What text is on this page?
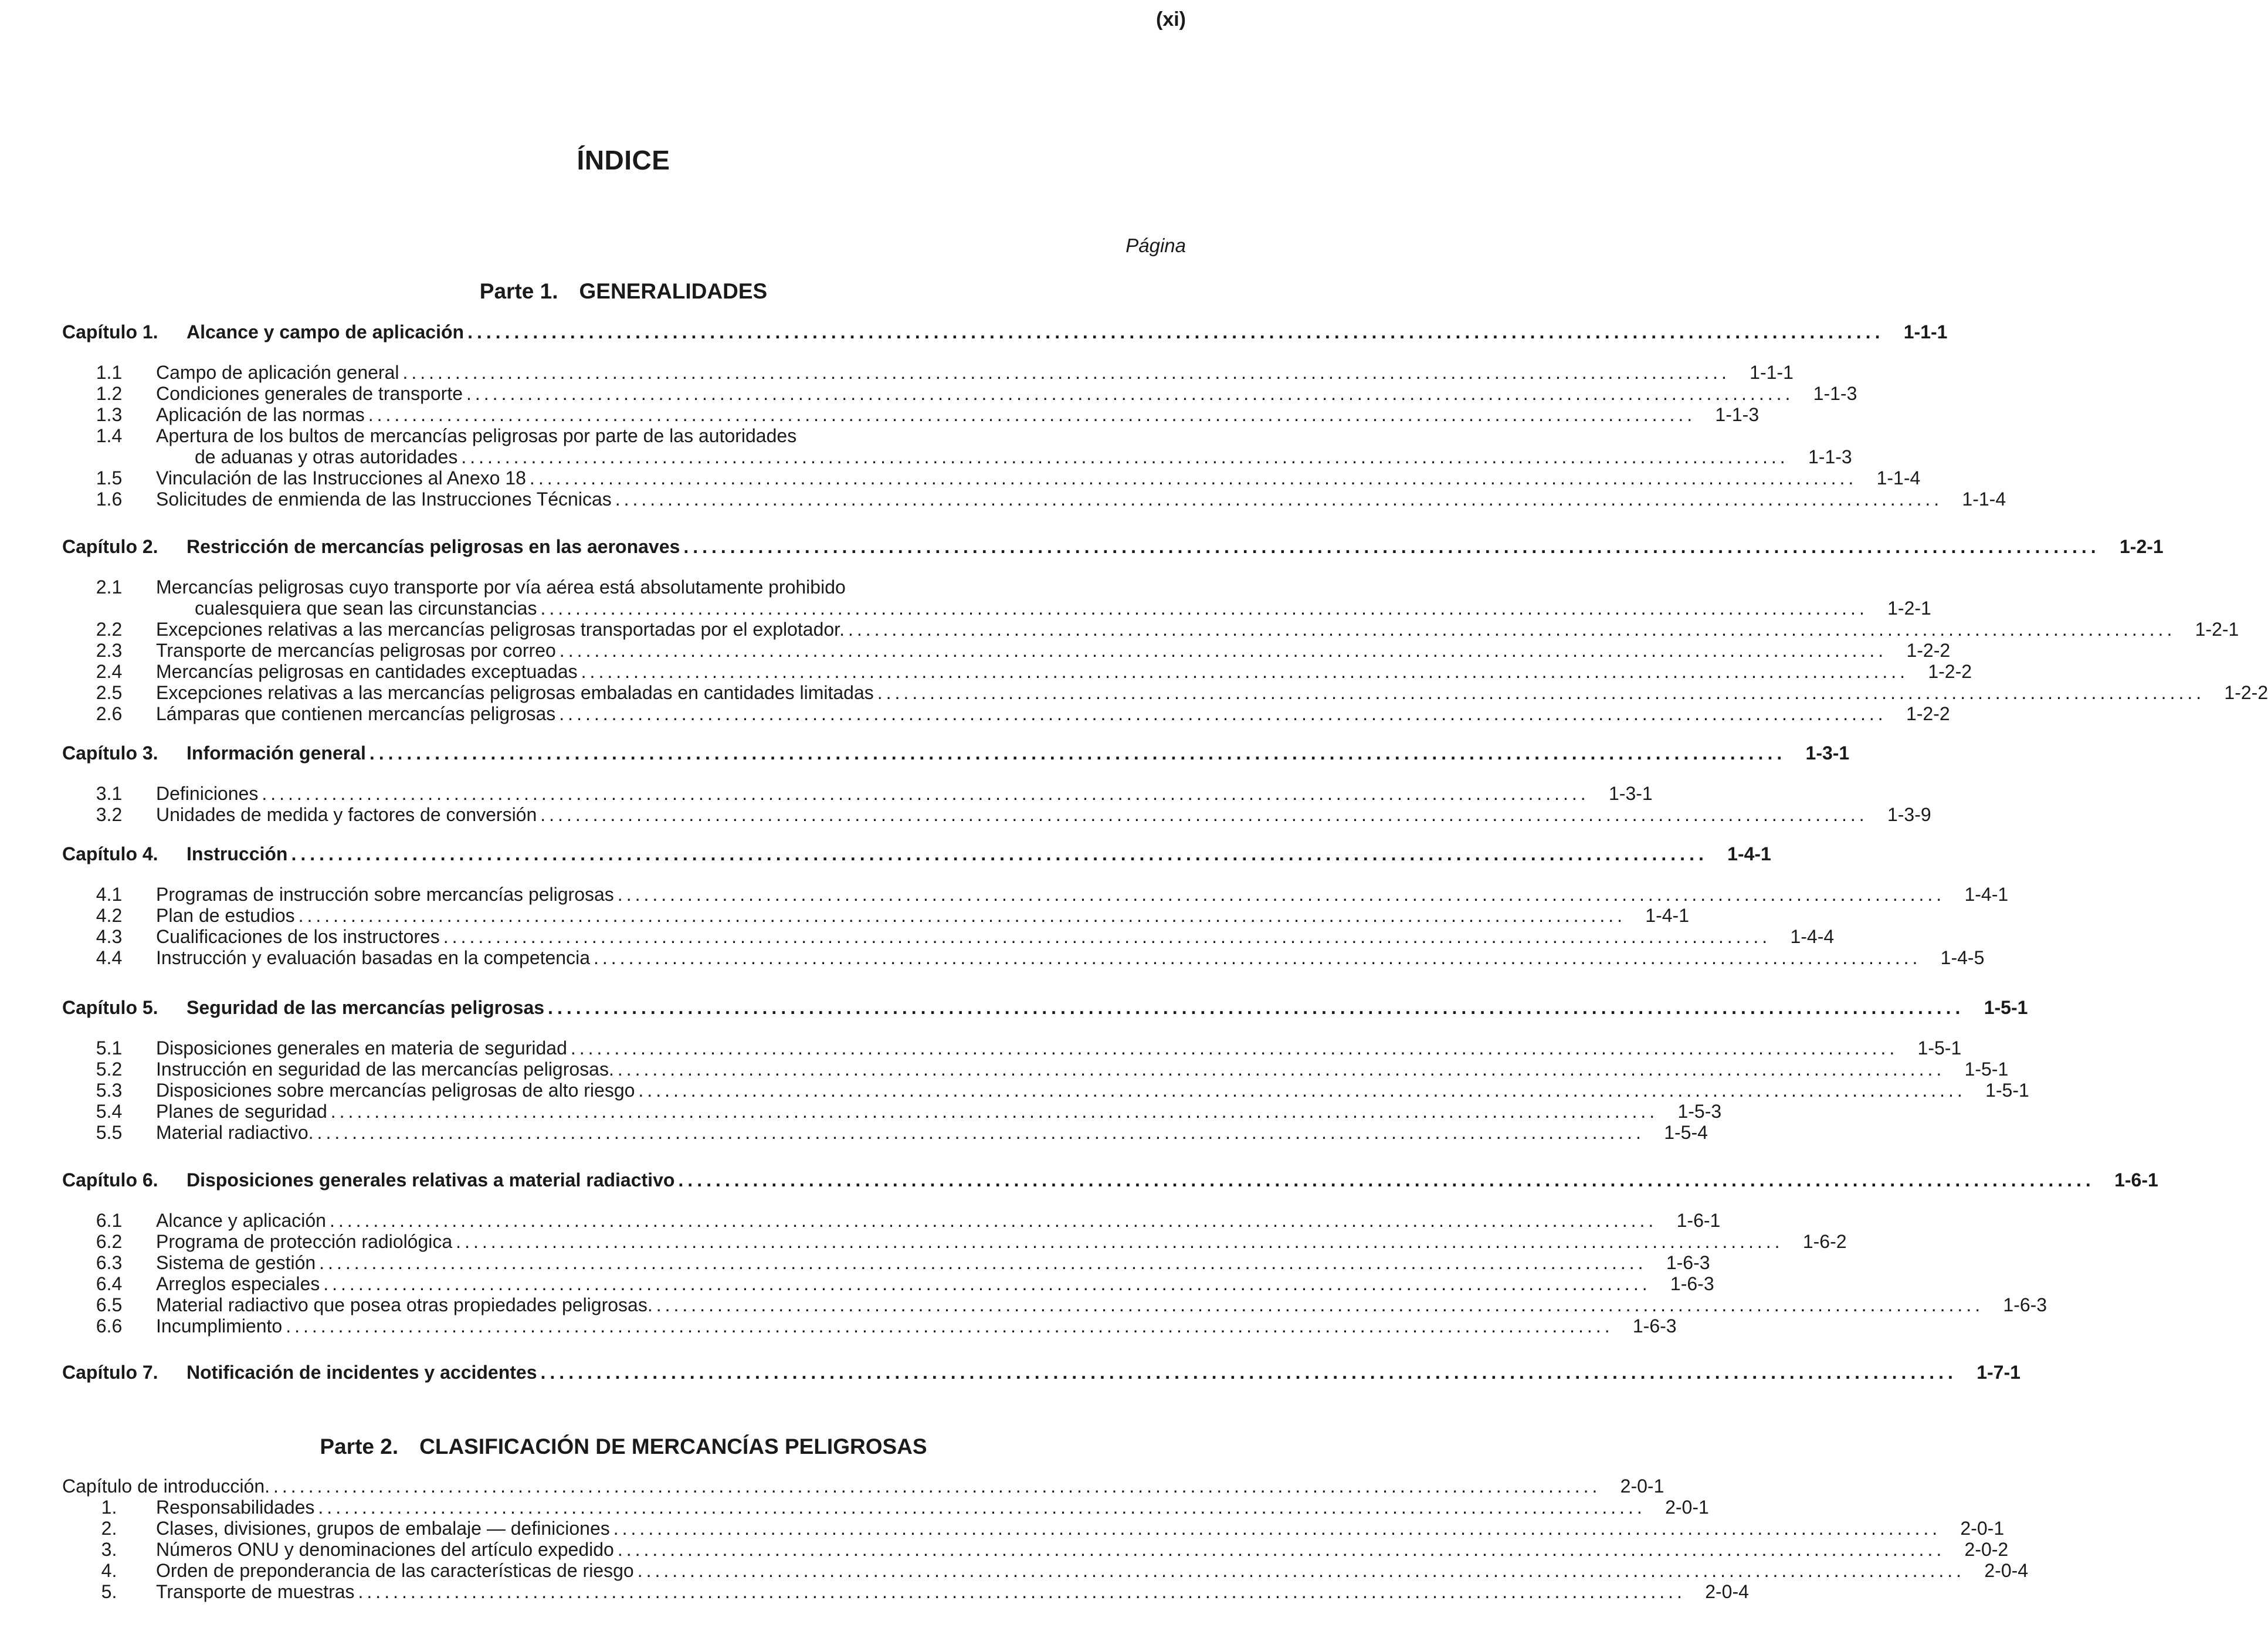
(xi)
ÍNDICE
Página
Parte 1. GENERALIDADES
Capítulo 1.	Alcance y campo de aplicación ........................................................................................................................................................	1-1-1
1.1	Campo de aplicación general ........................................................................................................................................................	1-1-1
1.2	Condiciones generales de transporte ........................................................................................................................................................	1-1-3
1.3	Aplicación de las normas ........................................................................................................................................................	1-1-3
1.4	Apertura de los bultos de mercancías peligrosas por parte de las autoridades
de aduanas y otras autoridades ........................................................................................................................................................	1-1-3
1.5	Vinculación de las Instrucciones al Anexo 18 ........................................................................................................................................................	1-1-4
1.6	Solicitudes de enmienda de las Instrucciones Técnicas ........................................................................................................................................................	1-1-4
Capítulo 2.	Restricción de mercancías peligrosas en las aeronaves ........................................................................................................................................................	1-2-1
2.1	Mercancías peligrosas cuyo transporte por vía aérea está absolutamente prohibido
cualesquiera que sean las circunstancias ........................................................................................................................................................	1-2-1
2.2	Excepciones relativas a las mercancías peligrosas transportadas por el explotador. ........................................................................................................................................................	1-2-1
2.3	Transporte de mercancías peligrosas por correo ........................................................................................................................................................	1-2-2
2.4	Mercancías peligrosas en cantidades exceptuadas ........................................................................................................................................................	1-2-2
2.5	Excepciones relativas a las mercancías peligrosas embaladas en cantidades limitadas ........................................................................................................................................................	1-2-2
2.6	Lámparas que contienen mercancías peligrosas ........................................................................................................................................................	1-2-2
Capítulo 3.	Información general ........................................................................................................................................................	1-3-1
3.1	Definiciones ........................................................................................................................................................	1-3-1
3.2	Unidades de medida y factores de conversión ........................................................................................................................................................	1-3-9
Capítulo 4.	Instrucción ........................................................................................................................................................	1-4-1
4.1	Programas de instrucción sobre mercancías peligrosas ........................................................................................................................................................	1-4-1
4.2	Plan de estudios ........................................................................................................................................................	1-4-1
4.3	Cualificaciones de los instructores ........................................................................................................................................................	1-4-4
4.4	Instrucción y evaluación basadas en la competencia ........................................................................................................................................................	1-4-5
Capítulo 5.	Seguridad de las mercancías peligrosas ........................................................................................................................................................	1-5-1
5.1	Disposiciones generales en materia de seguridad ........................................................................................................................................................	1-5-1
5.2	Instrucción en seguridad de las mercancías peligrosas. ........................................................................................................................................................	1-5-1
5.3	Disposiciones sobre mercancías peligrosas de alto riesgo ........................................................................................................................................................	1-5-1
5.4	Planes de seguridad ........................................................................................................................................................	1-5-3
5.5	Material radiactivo. ........................................................................................................................................................	1-5-4
Capítulo 6.	Disposiciones generales relativas a material radiactivo ........................................................................................................................................................	1-6-1
6.1	Alcance y aplicación ........................................................................................................................................................	1-6-1
6.2	Programa de protección radiológica ........................................................................................................................................................	1-6-2
6.3	Sistema de gestión ........................................................................................................................................................	1-6-3
6.4	Arreglos especiales ........................................................................................................................................................	1-6-3
6.5	Material radiactivo que posea otras propiedades peligrosas. ........................................................................................................................................................	1-6-3
6.6	Incumplimiento ........................................................................................................................................................	1-6-3
Capítulo 7.	Notificación de incidentes y accidentes ........................................................................................................................................................	1-7-1
Parte 2. CLASIFICACIÓN DE MERCANCÍAS PELIGROSAS
Capítulo de introducción. ........................................................................................................................................................	2-0-1
1.	Responsabilidades ........................................................................................................................................................	2-0-1
2.	Clases, divisiones, grupos de embalaje — definiciones ........................................................................................................................................................	2-0-1
3.	Números ONU y denominaciones del artículo expedido ........................................................................................................................................................	2-0-2
4.	Orden de preponderancia de las características de riesgo ........................................................................................................................................................	2-0-4
5.	Transporte de muestras ........................................................................................................................................................	2-0-4
